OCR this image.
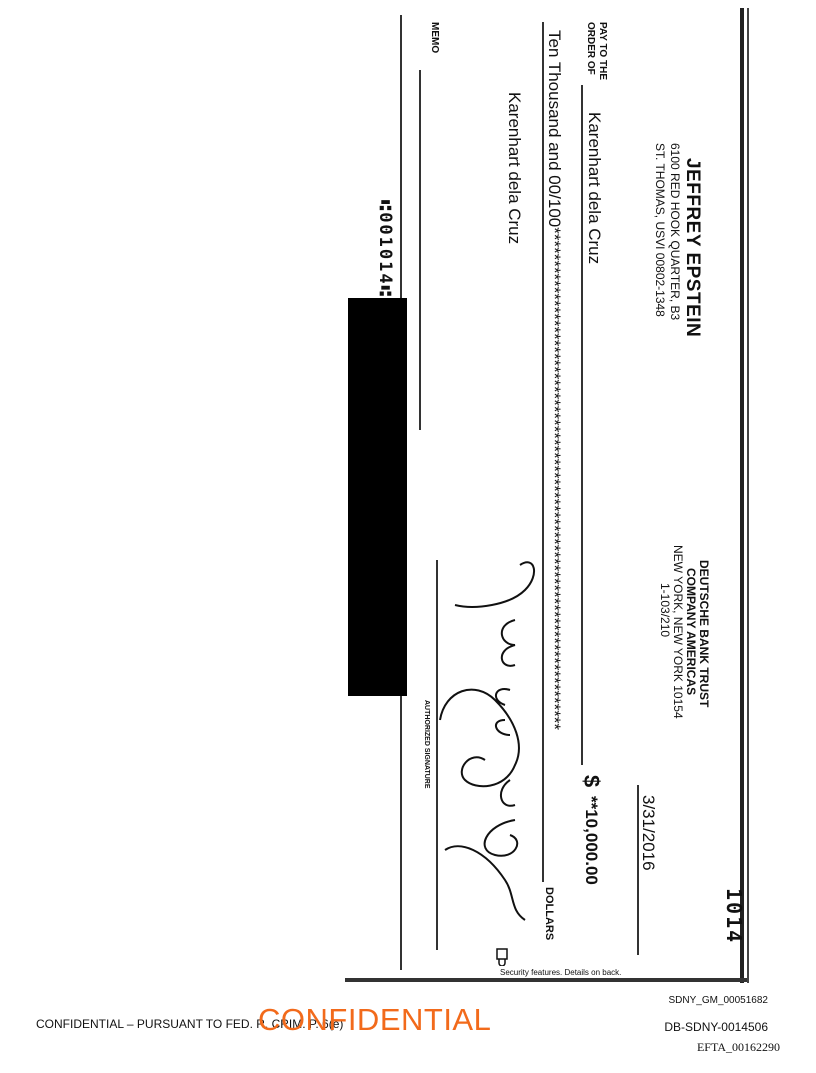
1014
JEFFREY EPSTEIN
6100 RED HOOK QUARTER, B3
ST. THOMAS, USVI 00802-1348
DEUTSCHE BANK TRUST
COMPANY AMERICAS
NEW YORK, NEW YORK 10154
1-103/210
3/31/2016
PAY TO THE
ORDER OF
Karenhart dela Cruz
$
**10,000.00
Ten Thousand and 00/100****************************************************************************
DOLLARS
Karenhart dela Cruz
Security features. Details on back.
MEMO
AUTHORIZED SIGNATURE
⑆001014⑆
CONFIDENTIAL – PURSUANT TO FED. R. CRIM. P. 6(e)
CONFIDENTIAL
SDNY_GM_00051682
DB-SDNY-0014506
EFTA_00162290
